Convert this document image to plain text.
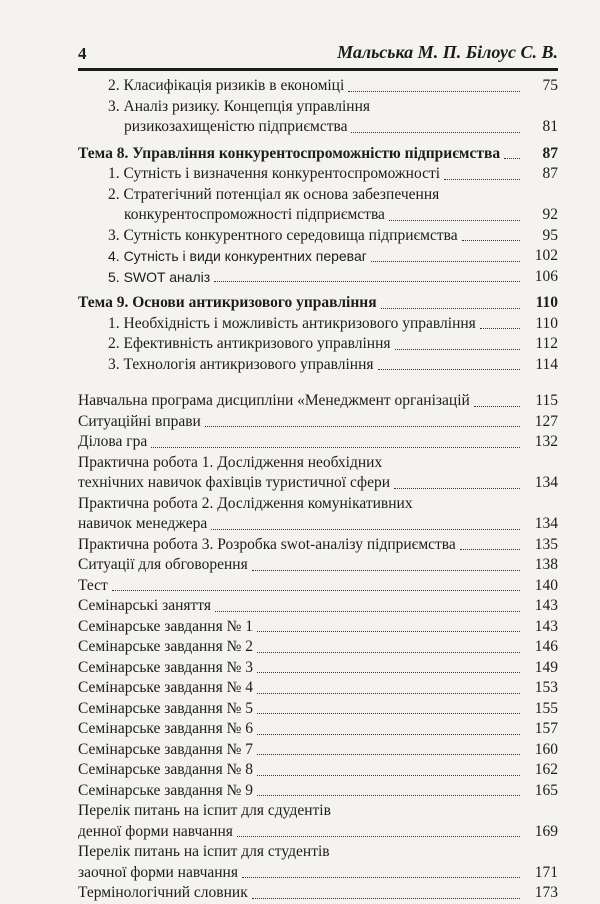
4	Мальська М. П. Білоус С. В.
2. Класифікація ризиків в економіці	75
3. Аналіз ризику. Концепція управління
ризикозахищеністю підприємства	81
Тема 8. Управління конкурентоспроможністю підприємства	87
1. Сутність і визначення конкурентоспроможності	87
2. Стратегічний потенціал як основа забезпечення
конкурентоспроможності підприємства	92
3. Сутність конкурентного середовища підприємства	95
4. Сутність і види конкурентних переваг	102
5. SWOT аналіз	106
Тема 9. Основи антикризового управління	110
1. Необхідність і можливість антикризового управління	110
2. Ефективність антикризового управління	112
3. Технологія антикризового управління	114
Навчальна програма дисципліни «Менеджмент організацій	115
Ситуаційні вправи	127
Ділова гра	132
Практична робота 1. Дослідження необхідних
технічних навичок фахівців туристичної сфери	134
Практична робота 2. Дослідження комунікативних
навичок менеджера	134
Практична робота 3. Розробка swot-аналізу підприємства	135
Ситуації для обговорення	138
Тест	140
Семінарські заняття	143
Семінарське завдання № 1	143
Семінарське завдання № 2	146
Семінарське завдання № 3	149
Семінарське завдання № 4	153
Семінарське завдання № 5	155
Семінарське завдання № 6	157
Семінарське завдання № 7	160
Семінарське завдання № 8	162
Семінарське завдання № 9	165
Перелік питань на іспит для сдудентів
денної форми навчання	169
Перелік питань на іспит для студентів
заочної форми навчання	171
Термінологічний словник	173
